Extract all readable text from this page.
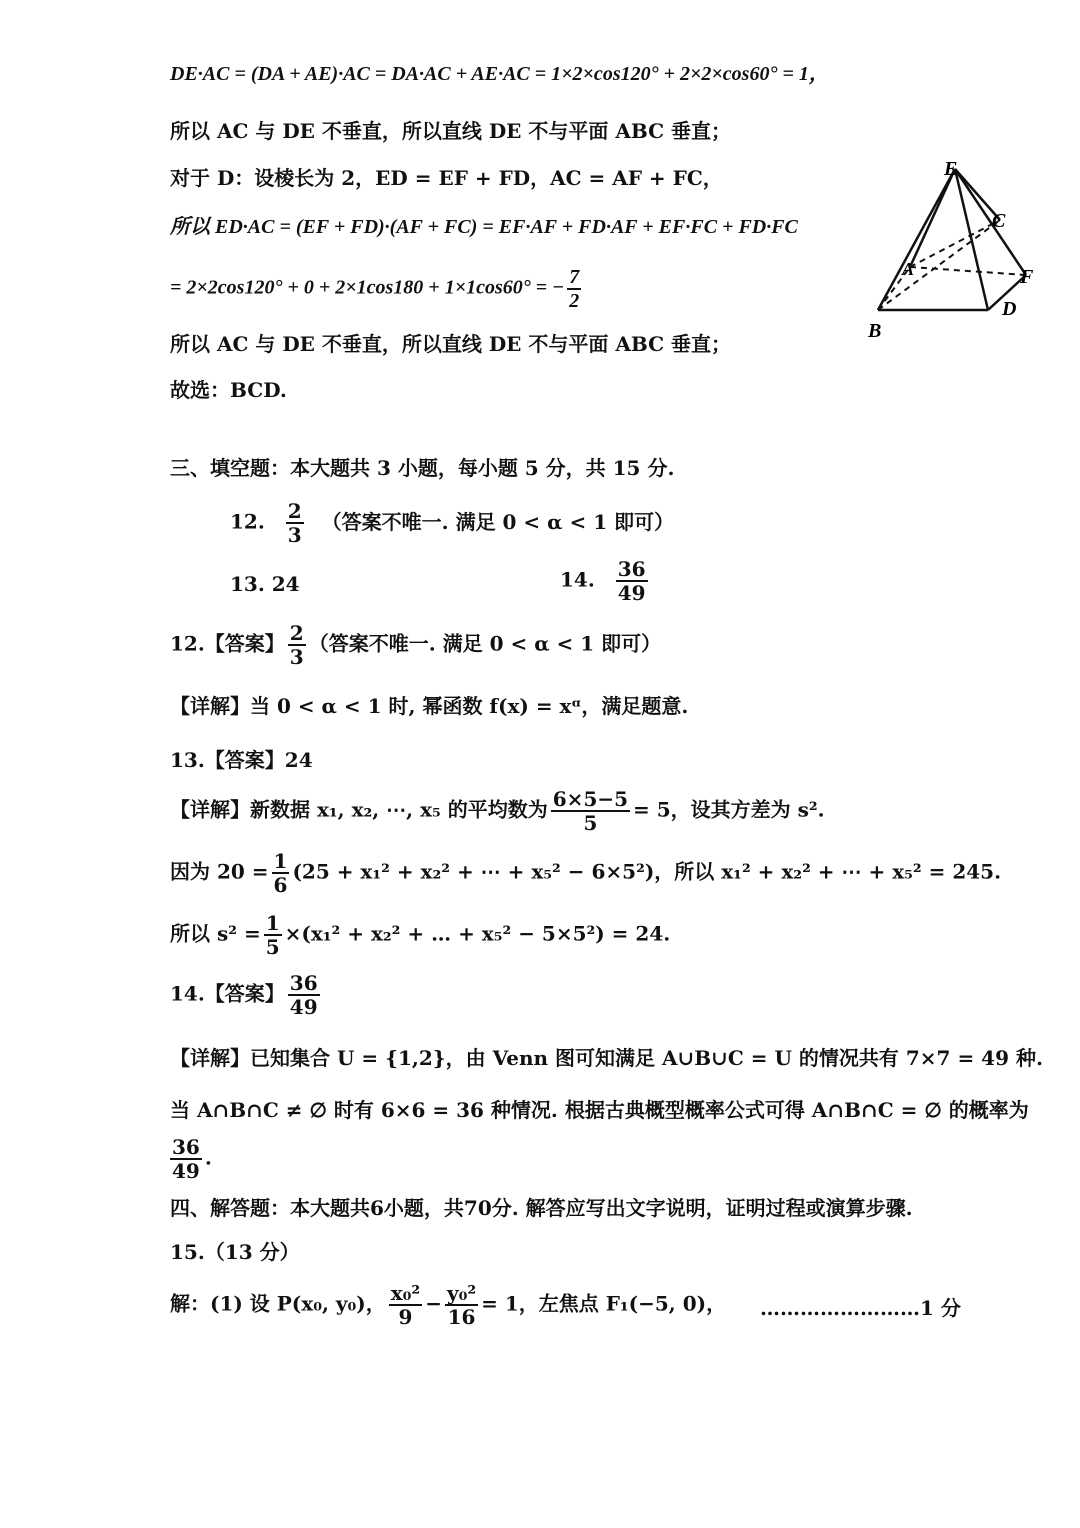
DE·AC = (DA + AE)·AC = DA·AC + AE·AC = 1×2×cos120° + 2×2×cos60° = 1，
所以 AC 与 DE 不垂直，所以直线 DE 不与平面 ABC 垂直；
对于 D：设棱长为 2，ED = EF + FD，AC = AF + FC，
所以 ED·AC = (EF + FD)·(AF + FC) = EF·AF + FD·AF + EF·FC + FD·FC
= 2×2cos120° + 0 + 2×1cos180 + 1×1cos60° = − $\frac{7}{2}$
所以 AC 与 DE 不垂直，所以直线 DE 不与平面 ABC 垂直；
故选：BCD.
E
C
A	F
D
B
三、填空题：本大题共 3 小题，每小题 5 分，共 15 分.
12. $\frac{2}{3}$ （答案不唯一. 满足 0 < α < 1 即可）
13. 24	14. $\frac{36}{49}$
12.【答案】 $\frac{2}{3}$ （答案不唯一. 满足 0 < α < 1 即可）
【详解】当 0 < α < 1 时, 幂函数 f(x) = xᵅ，满足题意.
13.【答案】24
【详解】新数据 x₁, x₂, ⋯, x₅ 的平均数为 $\frac{6\times 5-5}{5} = 5$，设其方差为 s².
因为 $20 = \frac{1}{6} (25 + x_1^2 + x_2^2$ + ⋯ + x₅² − 6×5²)，所以 x₁² + x₂² + ⋯ + x₅² = 245.
所以 $s^2 = \frac{1}{5} \times(x_1^2 + x_2^2$ + … + x₅² − 5×5²) = 24.
14.【答案】 $\frac{36}{49}$
【详解】已知集合 U = {1,2}，由 Venn 图可知满足 A∪B∪C = U 的情况共有 7×7 = 49 种.
当 A∩B∩C ≠ ∅ 时有 6×6 = 36 种情况. 根据古典概型概率公式可得 A∩B∩C = ∅ 的概率为
$\frac{36}{49}$ .
四、解答题：本大题共6小题，共70分. 解答应写出文字说明，证明过程或演算步骤.
15.（13 分）
解：(1) 设 P(x₀, y₀)， $\frac{\text{x₀²}}{9} - \frac{\text{y₀²}}{16} = 1$，左焦点 F₁(−5, 0)， ……………………1 分
